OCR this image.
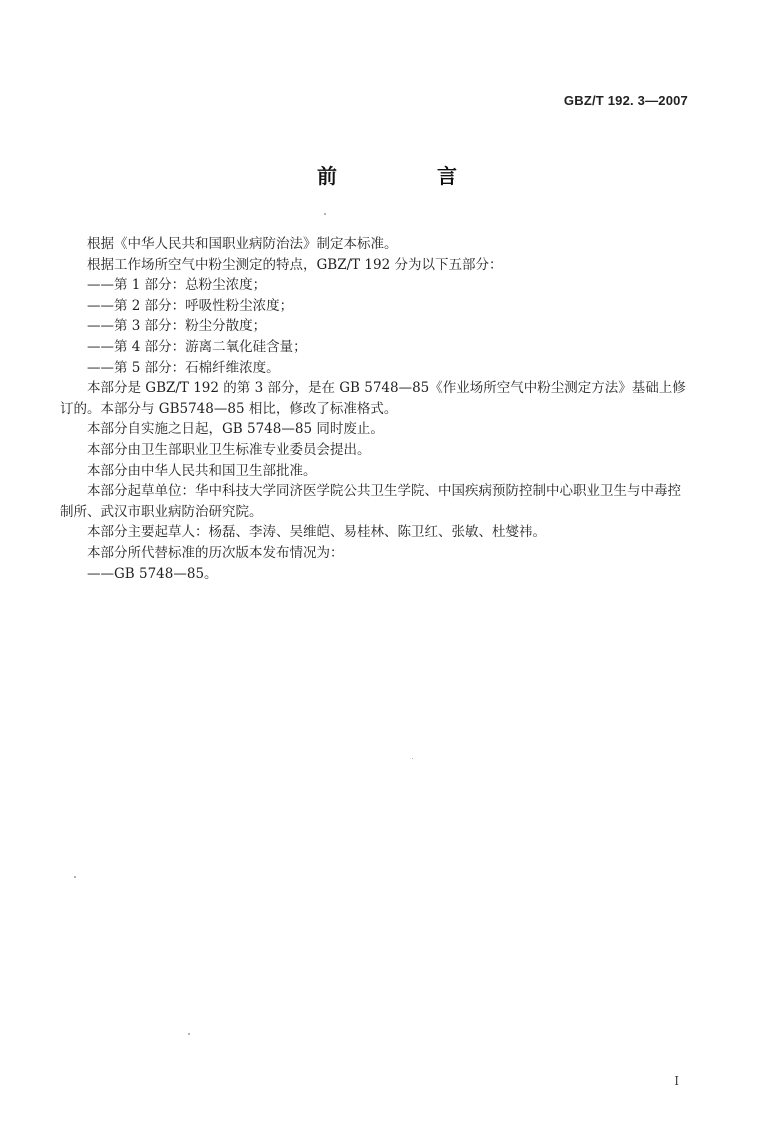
GBZ/T 192. 3—2007
前　言

根据《中华人民共和国职业病防治法》制定本标准。

根据工作场所空气中粉尘测定的特点，GBZ/T 192 分为以下五部分：

——第 1 部分：总粉尘浓度；

——第 2 部分：呼吸性粉尘浓度；

——第 3 部分：粉尘分散度；

——第 4 部分：游离二氧化硅含量；

——第 5 部分：石棉纤维浓度。

本部分是 GBZ/T 192 的第 3 部分，是在 GB 5748—85《作业场所空气中粉尘测定方法》基础上修订的。本部分与 GB5748—85 相比，修改了标准格式。

本部分自实施之日起，GB 5748—85 同时废止。

本部分由卫生部职业卫生标准专业委员会提出。

本部分由中华人民共和国卫生部批准。

本部分起草单位：华中科技大学同济医学院公共卫生学院、中国疾病预防控制中心职业卫生与中毒控制所、武汉市职业病防治研究院。

本部分主要起草人：杨磊、李涛、吴维皑、易桂林、陈卫红、张敏、杜燮祎。

本部分所代替标准的历次版本发布情况为：

——GB 5748—85。

I
